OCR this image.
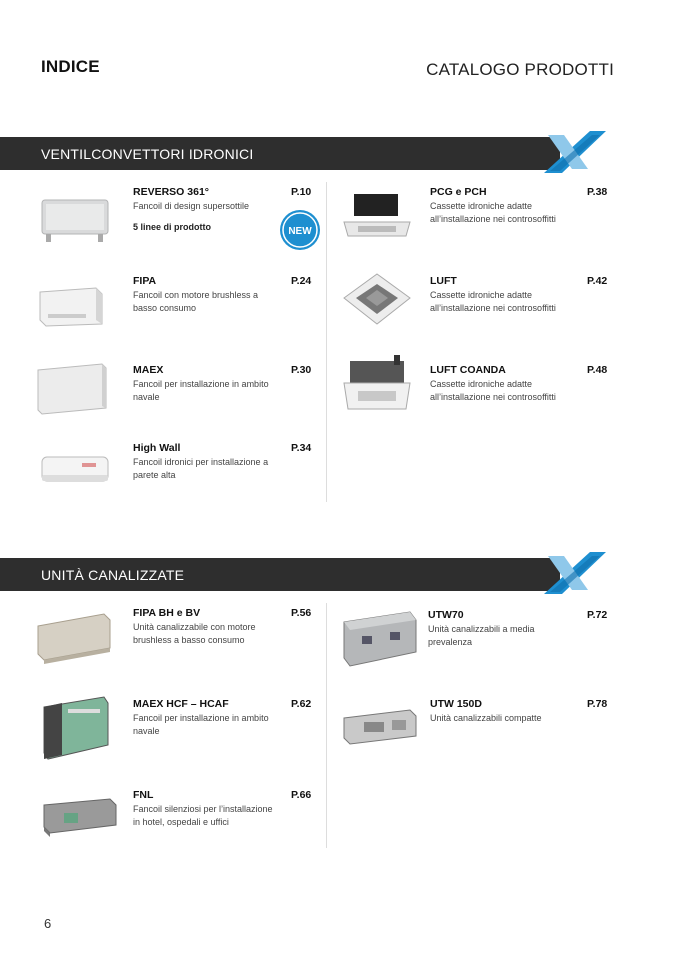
INDICE	CATALOGO PRODOTTI
VENTILCONVETTORI IDRONICI
UNITÀ CANALIZZATE
NEW
REVERSO 361°	P.10
Fancoil di design supersottile
5 linee di prodotto
FIPA	P.24
Fancoil con motore brushless a
basso consumo
MAEX	P.30
Fancoil per installazione in ambito
navale
High Wall	P.34
Fancoil idronici per installazione a
parete alta
PCG e PCH	P.38
Cassette idroniche adatte
all’installazione nei controsoffitti
LUFT	P.42
Cassette idroniche adatte
all’installazione nei controsoffitti
LUFT COANDA	P.48
Cassette idroniche adatte
all’installazione nei controsoffitti
FIPA BH e BV	P.56
Unità canalizzabile con motore
brushless a basso consumo
MAEX HCF – HCAF	P.62
Fancoil per installazione in ambito
navale
FNL	P.66
Fancoil silenziosi per l’installazione
in hotel, ospedali e uffici
UTW70	P.72
Unità canalizzabili a media
prevalenza
UTW 150D	P.78
Unità canalizzabili compatte
6
